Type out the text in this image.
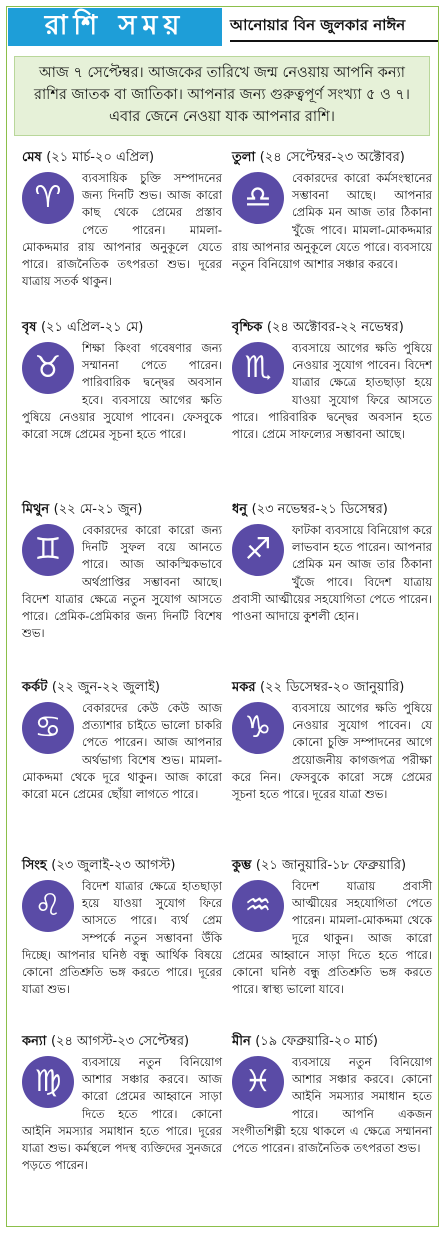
রাশি সময়	আনোয়ার বিন জুলকার নাঈন
আজ ৭ সেপ্টেম্বর। আজকের তারিখে জন্ম নেওয়ায় আপনি কন্যা রাশির জাতক বা জাতিকা। আপনার জন্য গুরুত্বপূর্ণ সংখ্যা ৫ ও ৭। এবার জেনে নেওয়া যাক আপনার রাশি।
মেষ (২১ মার্চ-২০ এপ্রিল)
♈
ব্যবসায়িক চুক্তি সম্পাদনের জন্য দিনটি শুভ। আজ কারো কাছ থেকে প্রেমের প্রস্তাব পেতে পারেন। মামলা-মোকদ্দমার রায় আপনার অনুকূলে যেতে পারে। রাজনৈতিক তৎপরতা শুভ। দূরের যাত্রায় সতর্ক থাকুন।
তুলা (২৪ সেপ্টেম্বর-২৩ অক্টোবর)
♎
বেকারদের কারো কর্মসংস্থানের সম্ভাবনা আছে। আপনার প্রেমিক মন আজ তার ঠিকানা খুঁজে পাবে। মামলা-মোকদ্দমার রায় আপনার অনুকূলে যেতে পারে। ব্যবসায়ে নতুন বিনিয়োগ আশার সঞ্চার করবে।
বৃষ (২১ এপ্রিল-২১ মে)
♉
শিক্ষা কিংবা গবেষণার জন্য সম্মাননা পেতে পারেন। পারিবারিক দ্বন্দ্বের অবসান হবে। ব্যবসায়ে আগের ক্ষতি পুষিয়ে নেওয়ার সুযোগ পাবেন। ফেসবুকে কারো সঙ্গে প্রেমের সূচনা হতে পারে।
বৃশ্চিক (২৪ অক্টোবর-২২ নভেম্বর)
♏
ব্যবসায়ে আগের ক্ষতি পুষিয়ে নেওয়ার সুযোগ পাবেন। বিদেশ যাত্রার ক্ষেত্রে হাতছাড়া হয়ে যাওয়া সুযোগ ফিরে আসতে পারে। পারিবারিক দ্বন্দ্বের অবসান হতে পারে। প্রেমে সাফল্যের সম্ভাবনা আছে।
মিথুন (২২ মে-২১ জুন)
♊
বেকারদের কারো কারো জন্য দিনটি সুফল বয়ে আনতে পারে। আজ আকস্মিকভাবে অর্থপ্রাপ্তির সম্ভাবনা আছে। বিদেশ যাত্রার ক্ষেত্রে নতুন সুযোগ আসতে পারে। প্রেমিক-প্রেমিকার জন্য দিনটি বিশেষ শুভ।
ধনু (২৩ নভেম্বর-২১ ডিসেম্বর)
♐
ফাটকা ব্যবসায়ে বিনিয়োগ করে লাভবান হতে পারেন। আপনার প্রেমিক মন আজ তার ঠিকানা খুঁজে পাবে। বিদেশ যাত্রায় প্রবাসী আত্মীয়ের সহযোগিতা পেতে পারেন। পাওনা আদায়ে কুশলী হোন।
কর্কট (২২ জুন-২২ জুলাই)
♋
বেকারদের কেউ কেউ আজ প্রত্যাশার চাইতে ভালো চাকরি পেতে পারেন। আজ আপনার অর্থভাগ্য বিশেষ শুভ। মামলা-মোকদ্দমা থেকে দূরে থাকুন। আজ কারো কারো মনে প্রেমের ছোঁয়া লাগতে পারে।
মকর (২২ ডিসেম্বর-২০ জানুয়ারি)
♑
ব্যবসায়ে আগের ক্ষতি পুষিয়ে নেওয়ার সুযোগ পাবেন। যে কোনো চুক্তি সম্পাদনের আগে প্রয়োজনীয় কাগজপত্র পরীক্ষা করে নিন। ফেসবুকে কারো সঙ্গে প্রেমের সূচনা হতে পারে। দূরের যাত্রা শুভ।
সিংহ (২৩ জুলাই-২৩ আগস্ট)
♌
বিদেশ যাত্রার ক্ষেত্রে হাতছাড়া হয়ে যাওয়া সুযোগ ফিরে আসতে পারে। ব্যর্থ প্রেম সম্পর্কে নতুন সম্ভাবনা উঁকি দিচ্ছে। আপনার ঘনিষ্ঠ বন্ধু আর্থিক বিষয়ে কোনো প্রতিশ্রুতি ভঙ্গ করতে পারে। দূরের যাত্রা শুভ।
কুম্ভ (২১ জানুয়ারি-১৮ ফেব্রুয়ারি)
♒
বিদেশ যাত্রায় প্রবাসী আত্মীয়ের সহযোগিতা পেতে পারেন। মামলা-মোকদ্দমা থেকে দূরে থাকুন। আজ কারো প্রেমের আহ্বানে সাড়া দিতে হতে পারে। কোনো ঘনিষ্ঠ বন্ধু প্রতিশ্রুতি ভঙ্গ করতে পারে। স্বাস্থ্য ভালো যাবে।
কন্যা (২৪ আগস্ট-২৩ সেপ্টেম্বর)
♍
ব্যবসায়ে নতুন বিনিয়োগ আশার সঞ্চার করবে। আজ কারো প্রেমের আহ্বানে সাড়া দিতে হতে পারে। কোনো আইনি সমস্যার সমাধান হতে পারে। দূরের যাত্রা শুভ। কর্মস্থলে পদস্থ ব্যক্তিদের সুনজরে পড়তে পারেন।
মীন (১৯ ফেব্রুয়ারি-২০ মার্চ)
♓
ব্যবসায়ে নতুন বিনিয়োগ আশার সঞ্চার করবে। কোনো আইনি সমস্যার সমাধান হতে পারে। আপনি একজন সংগীতশিল্পী হয়ে থাকলে এ ক্ষেত্রে সম্মাননা পেতে পারেন। রাজনৈতিক তৎপরতা শুভ।
